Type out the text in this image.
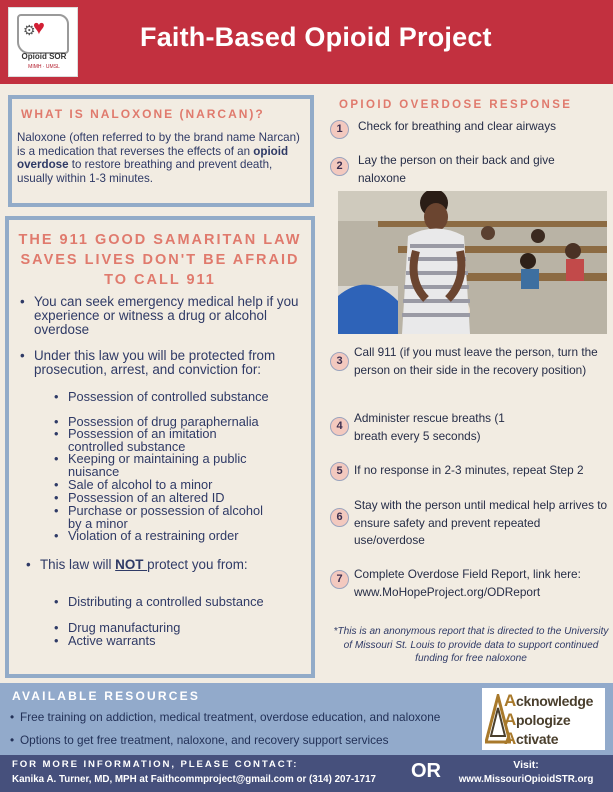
⚙
♥
Opioid SOR
MIMH · UMSL
Faith-Based Opioid Project
WHAT IS NALOXONE (NARCAN)?

Naloxone (often referred to by the brand name Narcan) is a medication that reverses the effects of an opioid overdose to restore breathing and prevent death, usually within 1-3 minutes.

THE 911 GOOD SAMARITAN LAW
SAVES LIVES DON'T BE AFRAID
TO CALL 911
• You can seek emergency medical help if you experience or witness a drug or alcohol overdose
• Under this law you will be protected from prosecution, arrest, and conviction for:
• Possession of controlled substance
• Possession of drug paraphernalia
• Possession of an imitation controlled substance
• Keeping or maintaining a public nuisance
• Sale of alcohol to a minor
• Possession of an altered ID
• Purchase or possession of alcohol by a minor
• Violation of a restraining order
• This law will NOT protect you from:
• Distributing a controlled substance
• Drug manufacturing
• Active warrants
OPIOID OVERDOSE RESPONSE
1	Check for breathing and clear airways
2	Lay the person on their back and give naloxone
3
Call 911 (if you must leave the person, turn the person on their side in the recovery position)
4
Administer rescue breaths (1 breath every 5 seconds)
5 If no response in 2-3 minutes, repeat Step 2
6
Stay with the person until medical help arrives to ensure safety and prevent repeated use/overdose
7 Complete Overdose Field Report, link here: www.MoHopeProject.org/ODReport
*This is an anonymous report that is directed to the University of Missouri St. Louis to provide data to support continued funding for free naloxone
AVAILABLE RESOURCES
• Free training on addiction, medical treatment, overdose education, and naloxone
• Options to get free treatment, naloxone, and recovery support services
Acknowledge
Apologize
Activate
FOR MORE INFORMATION, PLEASE CONTACT:
Kanika A. Turner, MD, MPH at Faithcommproject@gmail.com or (314) 207-1717 OR	Visit:
www.MissouriOpioidSTR.org
